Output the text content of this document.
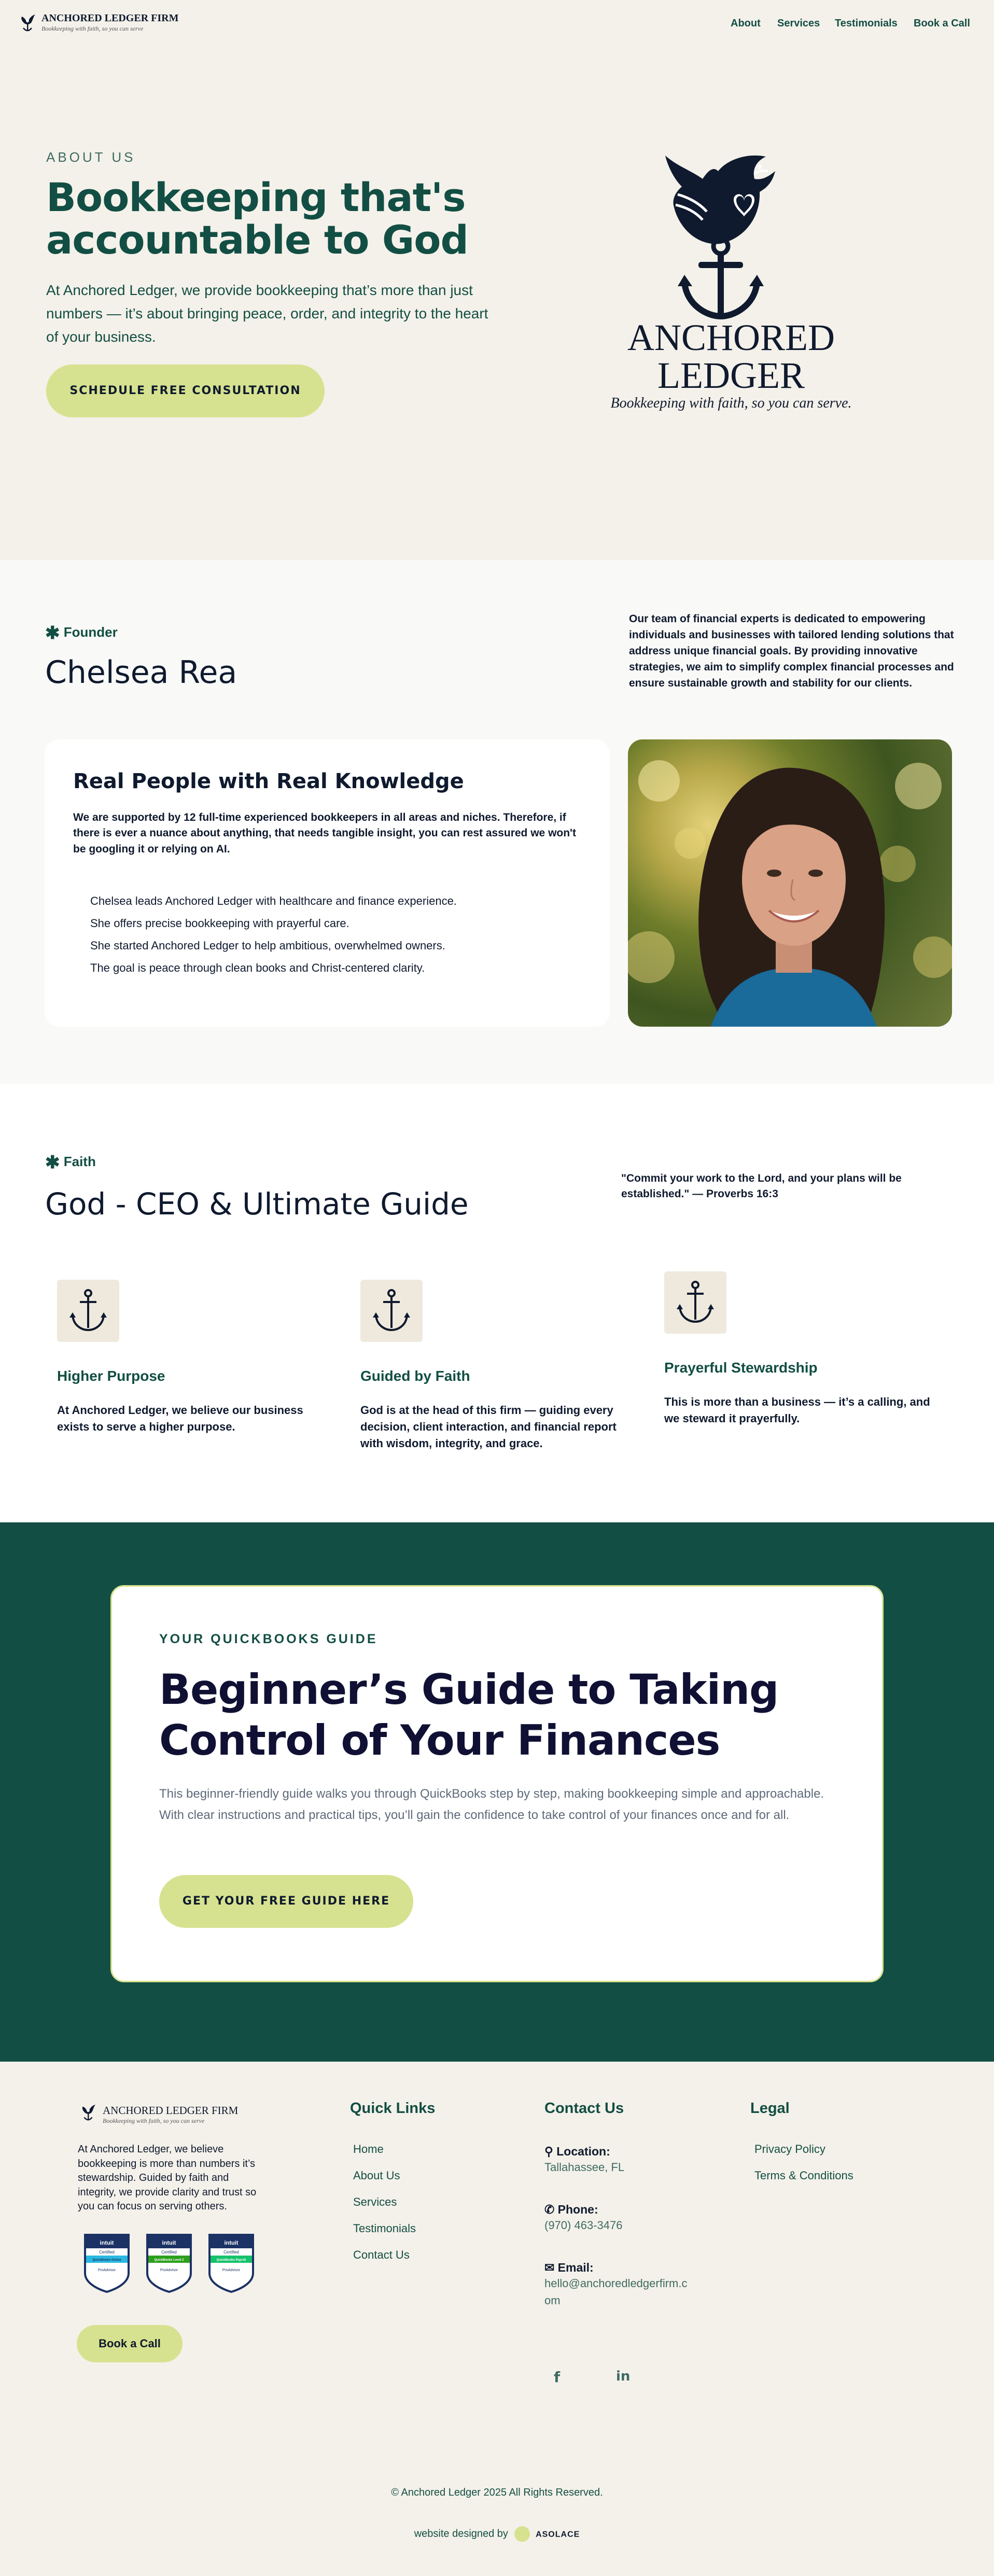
ANCHORED LEDGER FIRM
Bookkeeping with faith, so you can serve	About Services Testimonials Book a Call
ABOUT US
Bookkeeping that's
accountable to God
At Anchored Ledger, we provide bookkeeping that’s more than just numbers — it’s about bringing peace, order, and integrity to the heart of your business.
SCHEDULE FREE CONSULTATION
ANCHORED
LEDGER
Bookkeeping with faith, so you can serve.
✱ Founder
Chelsea Rea
Our team of financial experts is dedicated to empowering individuals and businesses with tailored lending solutions that address unique financial goals. By providing innovative strategies, we aim to simplify complex financial processes and ensure sustainable growth and stability for our clients.
Real People with Real Knowledge
We are supported by 12 full-time experienced bookkeepers in all areas and niches. Therefore, if there is ever a nuance about anything, that needs tangible insight, you can rest assured we won't be googling it or relying on AI.
Chelsea leads Anchored Ledger with healthcare and finance experience.
She offers precise bookkeeping with prayerful care.
She started Anchored Ledger to help ambitious, overwhelmed owners.
The goal is peace through clean books and Christ-centered clarity.
✱ Faith
God - CEO & Ultimate Guide
"Commit your work to the Lord, and your plans will be established." — Proverbs 16:3
Higher Purpose
At Anchored Ledger, we believe our business exists to serve a higher purpose.
Guided by Faith
God is at the head of this firm — guiding every decision, client interaction, and financial report with wisdom, integrity, and grace.
Prayerful Stewardship
This is more than a business — it’s a calling, and we steward it prayerfully.
YOUR QUICKBOOKS GUIDE
Beginner’s Guide to Taking
Control of Your Finances
This beginner-friendly guide walks you through QuickBooks step by step, making bookkeeping simple and approachable. With clear instructions and practical tips, you’ll gain the confidence to take control of your finances once and for all.
GET YOUR FREE GUIDE HERE
ANCHORED LEDGER FIRM
Bookkeeping with faith, so you can serve
At Anchored Ledger, we believe bookkeeping is more than numbers it’s stewardship. Guided by faith and integrity, we provide clarity and trust so you can focus on serving others.
intuit
Certified
QuickBooks Online
ProAdvisor
intuit
Certified
QuickBooks Level 2
ProAdvisor
intuit
Certified
QuickBooks Payroll
ProAdvisor
Book a Call
Quick Links
Home
About Us
Services
Testimonials
Contact Us
Contact Us
⚲ Location:
Tallahassee, FL
✆ Phone:
(970) 463-3476
✉ Email:
hello@anchoredledgerfirm.c
om
f	in
Legal
Privacy Policy
Terms & Conditions
© Anchored Ledger 2025 All Rights Reserved.
website designed by	ASOLACE
